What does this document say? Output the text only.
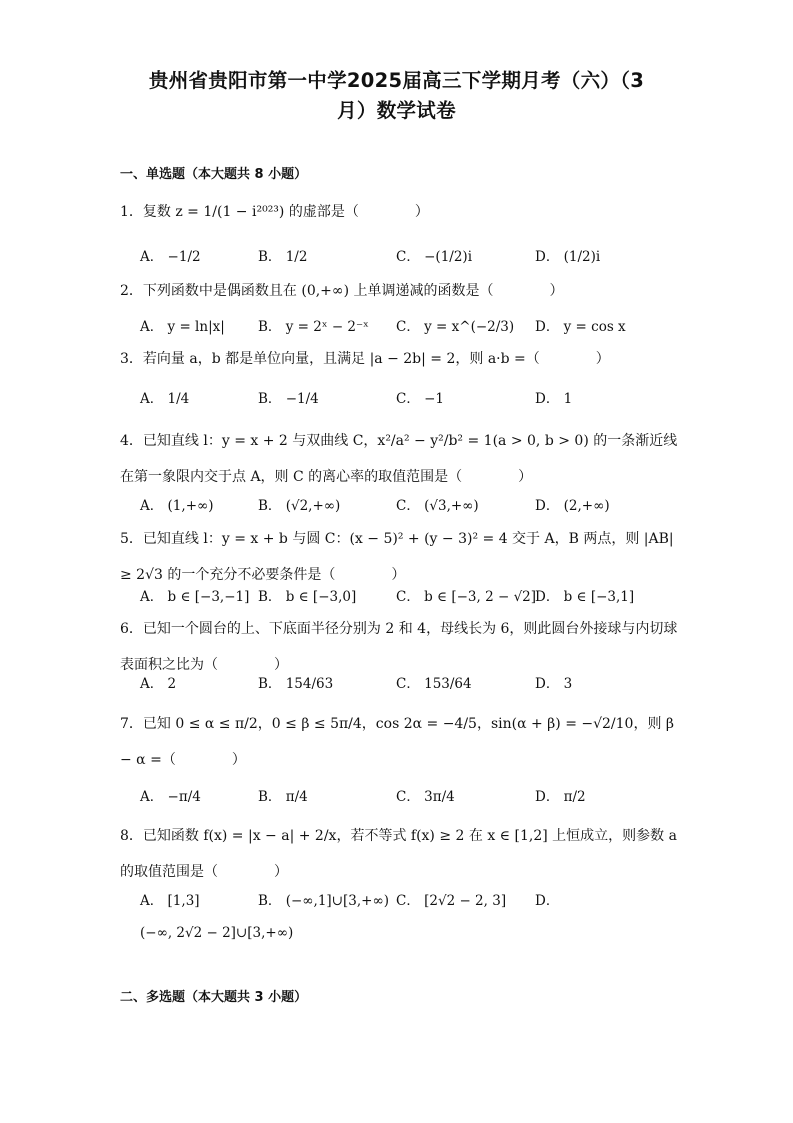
贵州省贵阳市第一中学2025届高三下学期月考（六）（3
月）数学试卷
一、单选题（本大题共 8 小题）
1．复数 z = 1/(1 − i²⁰²³) 的虚部是（　　　　）
A． −1/2	B． 1/2	C． −(1/2)i	D． (1/2)i
2．下列函数中是偶函数且在 (0,+∞) 上单调递减的函数是（　　　　）
A． y = ln|x| B． y = 2ˣ − 2⁻ˣ C． y = x^(−2/3) D． y = cos x
3．若向量 a，b 都是单位向量，且满足 |a − 2b| = 2，则 a·b =（　　　　）
A． 1/4	B． −1/4	C． −1	D． 1
4．已知直线 l：y = x + 2 与双曲线 C，x²/a² − y²/b² = 1(a > 0, b > 0) 的一条渐近线在第一象限内交于点 A，则 C 的离心率的取值范围是（　　　　）
A． (1,+∞)	B． (√2,+∞)	C． (√3,+∞)	D． (2,+∞)
5．已知直线 l：y = x + b 与圆 C：(x − 5)² + (y − 3)² = 4 交于 A，B 两点，则 |AB| ≥ 2√3 的一个充分不必要条件是（　　　　）
A． b ∈ [−3,−1] B． b ∈ [−3,0]	C． b ∈ [−3, 2 − √2]
D． b ∈ [−3,1]
6．已知一个圆台的上、下底面半径分别为 2 和 4，母线长为 6，则此圆台外接球与内切球表面积之比为（　　　　）
A． 2	B． 154/63	C． 153/64	D． 3
7．已知 0 ≤ α ≤ π/2，0 ≤ β ≤ 5π/4，cos 2α = −4/5，sin(α + β) = −√2/10，则 β − α =（　　　　）
A． −π/4	B． π/4	C． 3π/4	D． π/2
8．已知函数 f(x) = |x − a| + 2/x，若不等式 f(x) ≥ 2 在 x ∈ [1,2] 上恒成立，则参数 a 的取值范围是（　　　　）
A． [1,3]	B． (−∞,1]∪[3,+∞) C． [2√2 − 2, 3] D．
(−∞, 2√2 − 2]∪[3,+∞)
二、多选题（本大题共 3 小题）
